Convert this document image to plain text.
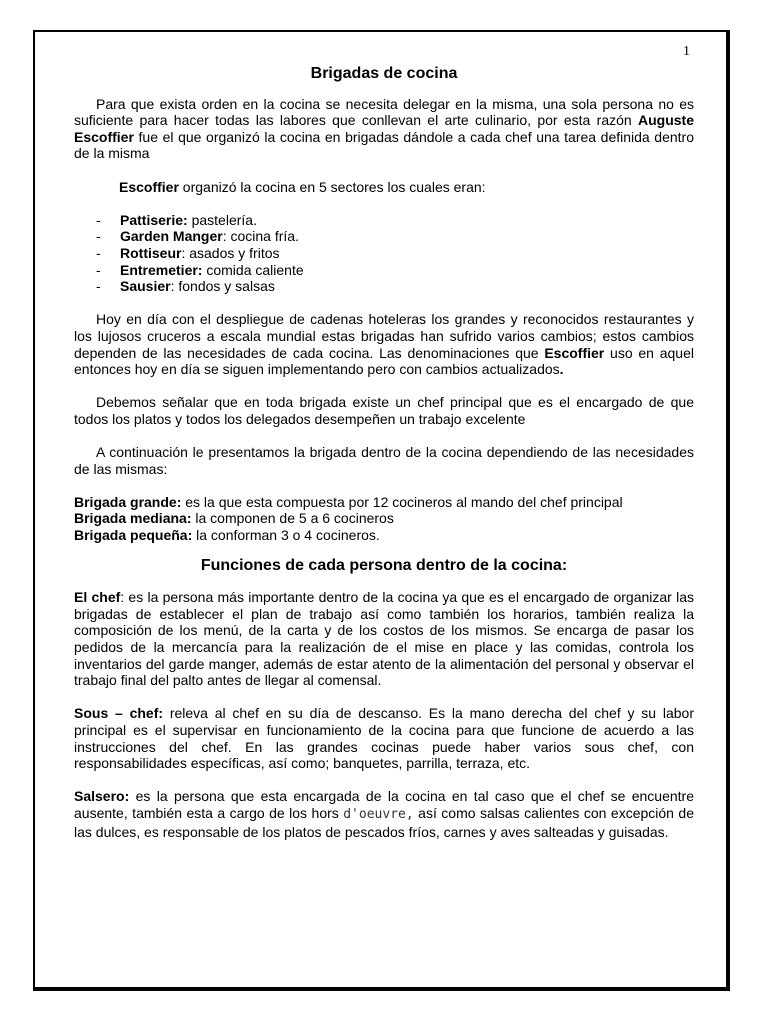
1
Brigadas de cocina

Para que exista orden en la cocina se necesita delegar en la misma, una sola persona no es suficiente para hacer todas las labores que conllevan el arte culinario, por esta razón Auguste Escoffier fue el que organizó la cocina en brigadas dándole a cada chef una tarea definida dentro de la misma

Escoffier organizó la cocina en 5 sectores los cuales eran:

- Pattiserie: pastelería.
- Garden Manger: cocina fría.
- Rottiseur: asados y fritos
- Entremetier: comida caliente
- Sausier: fondos y salsas

Hoy en día con el despliegue de cadenas hoteleras los grandes y reconocidos restaurantes y los lujosos cruceros a escala mundial estas brigadas han sufrido varios cambios; estos cambios dependen de las necesidades de cada cocina. Las denominaciones que Escoffier uso en aquel entonces hoy en día se siguen implementando pero con cambios actualizados.

Debemos señalar que en toda brigada existe un chef principal que es el encargado de que todos los platos y todos los delegados desempeñen un trabajo excelente

A continuación le presentamos la brigada dentro de la cocina dependiendo de las necesidades de las mismas:

Brigada grande: es la que esta compuesta por 12 cocineros al mando del chef principal

Brigada mediana: la componen de 5 a 6 cocineros

Brigada pequeña: la conforman 3 o 4 cocineros.

Funciones de cada persona dentro de la cocina:

El chef: es la persona más importante dentro de la cocina ya que es el encargado de organizar las brigadas de establecer el plan de trabajo así como también los horarios, también realiza la composición de los menú, de la carta y de los costos de los mismos. Se encarga de pasar los pedidos de la mercancía para la realización de el mise en place y las comidas, controla los inventarios del garde manger, además de estar atento de la alimentación del personal y observar el trabajo final del palto antes de llegar al comensal.

Sous – chef: releva al chef en su día de descanso. Es la mano derecha del chef y su labor principal es el supervisar en funcionamiento de la cocina para que funcione de acuerdo a las instrucciones del chef. En las grandes cocinas puede haber varios sous chef, con responsabilidades específicas, así como; banquetes, parrilla, terraza, etc.

Salsero: es la persona que esta encargada de la cocina en tal caso que el chef se encuentre ausente, también esta a cargo de los hors d'oeuvre, así como salsas calientes con excepción de las dulces, es responsable de los platos de pescados fríos, carnes y aves salteadas y guisadas.
